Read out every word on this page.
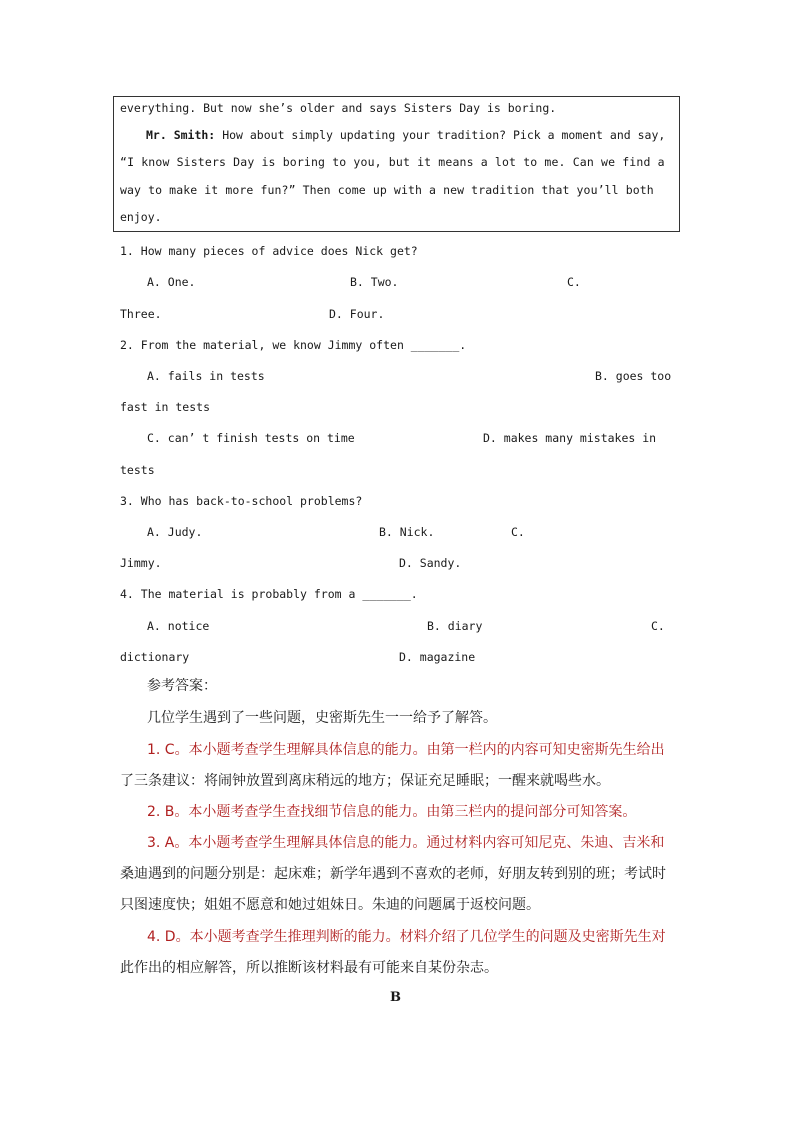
everything. But now she’s older and says Sisters Day is boring.
Mr. Smith: How about simply updating your tradition? Pick a moment and say,
“I know Sisters Day is boring to you, but it means a lot to me. Can we find a
way to make it more fun?” Then come up with a new tradition that you’ll both
enjoy.
1. How many pieces of advice does Nick get?
A. One.	B. Two.	C.
Three.	D. Four.
2. From the material, we know Jimmy often _______.
A. fails in tests	B. goes too
fast in tests
C. can’ t finish tests on time	D. makes many mistakes in
tests
3. Who has back-to-school problems?
A. Judy.	B. Nick.	C.
Jimmy.	D. Sandy.
4. The material is probably from a _______.
A. notice	B. diary	C.
dictionary	D. magazine
参考答案：
几位学生遇到了一些问题，史密斯先生一一给予了解答。
1. C。本小题考查学生理解具体信息的能力。由第一栏内的内容可知史密斯先生给出
了三条建议：将闹钟放置到离床稍远的地方；保证充足睡眠；一醒来就喝些水。
2. B。本小题考查学生查找细节信息的能力。由第三栏内的提问部分可知答案。
3. A。本小题考查学生理解具体信息的能力。通过材料内容可知尼克、朱迪、吉米和
桑迪遇到的问题分别是：起床难；新学年遇到不喜欢的老师，好朋友转到别的班；考试时
只图速度快；姐姐不愿意和她过姐妹日。朱迪的问题属于返校问题。
4. D。本小题考查学生推理判断的能力。材料介绍了几位学生的问题及史密斯先生对
此作出的相应解答，所以推断该材料最有可能来自某份杂志。
B
